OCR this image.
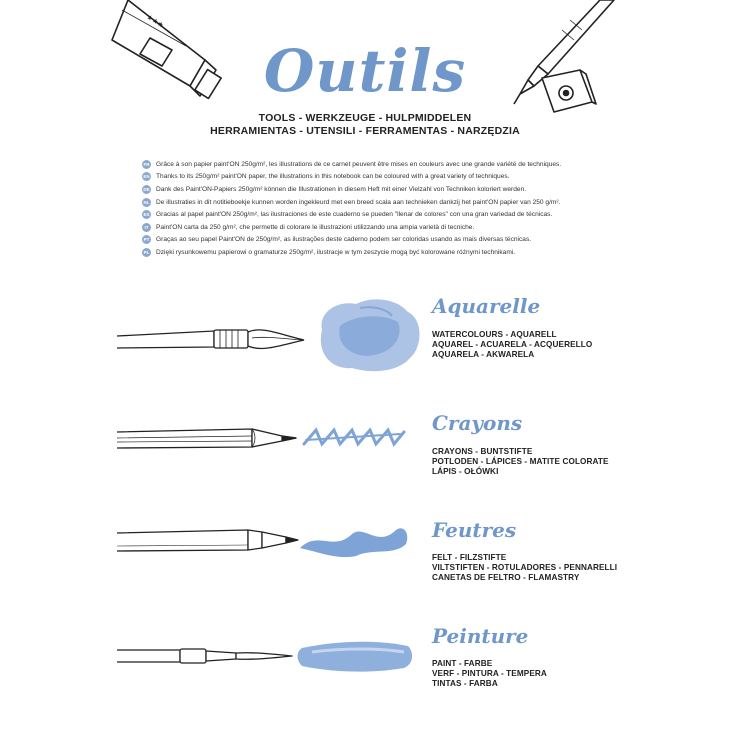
★★★
Outils
TOOLS - WERKZEUGE - HULPMIDDELEN
HERRAMIENTAS - UTENSILI - FERRAMENTAS - NARZĘDZIA
FR Grâce à son papier paint'ON 250g/m², les illustrations de ce carnet peuvent être mises en couleurs avec une grande variété de techniques.
EN Thanks to its 250g/m² paint'ON paper, the illustrations in this notebook can be coloured with a great variety of techniques.
DE Dank des Paint'ON-Papiers 250g/m² können die Illustrationen in diesem Heft mit einer Vielzahl von Techniken koloriert werden.
NL De illustraties in dit notitieboekje kunnen worden ingekleurd met een breed scala aan technieken dankzij het paint'ON papier van 250 g/m².
ES Gracias al papel paint'ON 250g/m², las ilustraciones de este cuaderno se pueden "llenar de colores" con una gran variedad de técnicas.
IT	Paint'ON carta da 250 g/m², che permette di colorare le illustrazioni utilizzando una ampia varietà di tecniche.
PT Graças ao seu papel Paint'ON de 250g/m², as ilustrações deste caderno podem ser coloridas usando as mais diversas técnicas.
PL Dzięki rysunkowemu papierowi o gramaturze 250g/m², ilustracje w tym zeszycie mogą być kolorowane różnymi technikami.
Aquarelle
WATERCOLOURS - AQUARELL
AQUAREL - ACUARELA - ACQUERELLO
AQUARELA - AKWARELA
Crayons
CRAYONS - BUNTSTIFTE
POTLODEN - LÁPICES - MATITE COLORATE
LÁPIS - OŁÓWKI
Feutres
FELT - FILZSTIFTE
VILTSTIFTEN - ROTULADORES - PENNARELLI
CANETAS DE FELTRO - FLAMASTRY
Peinture
PAINT - FARBE
VERF - PINTURA - TEMPERA
TINTAS - FARBA
